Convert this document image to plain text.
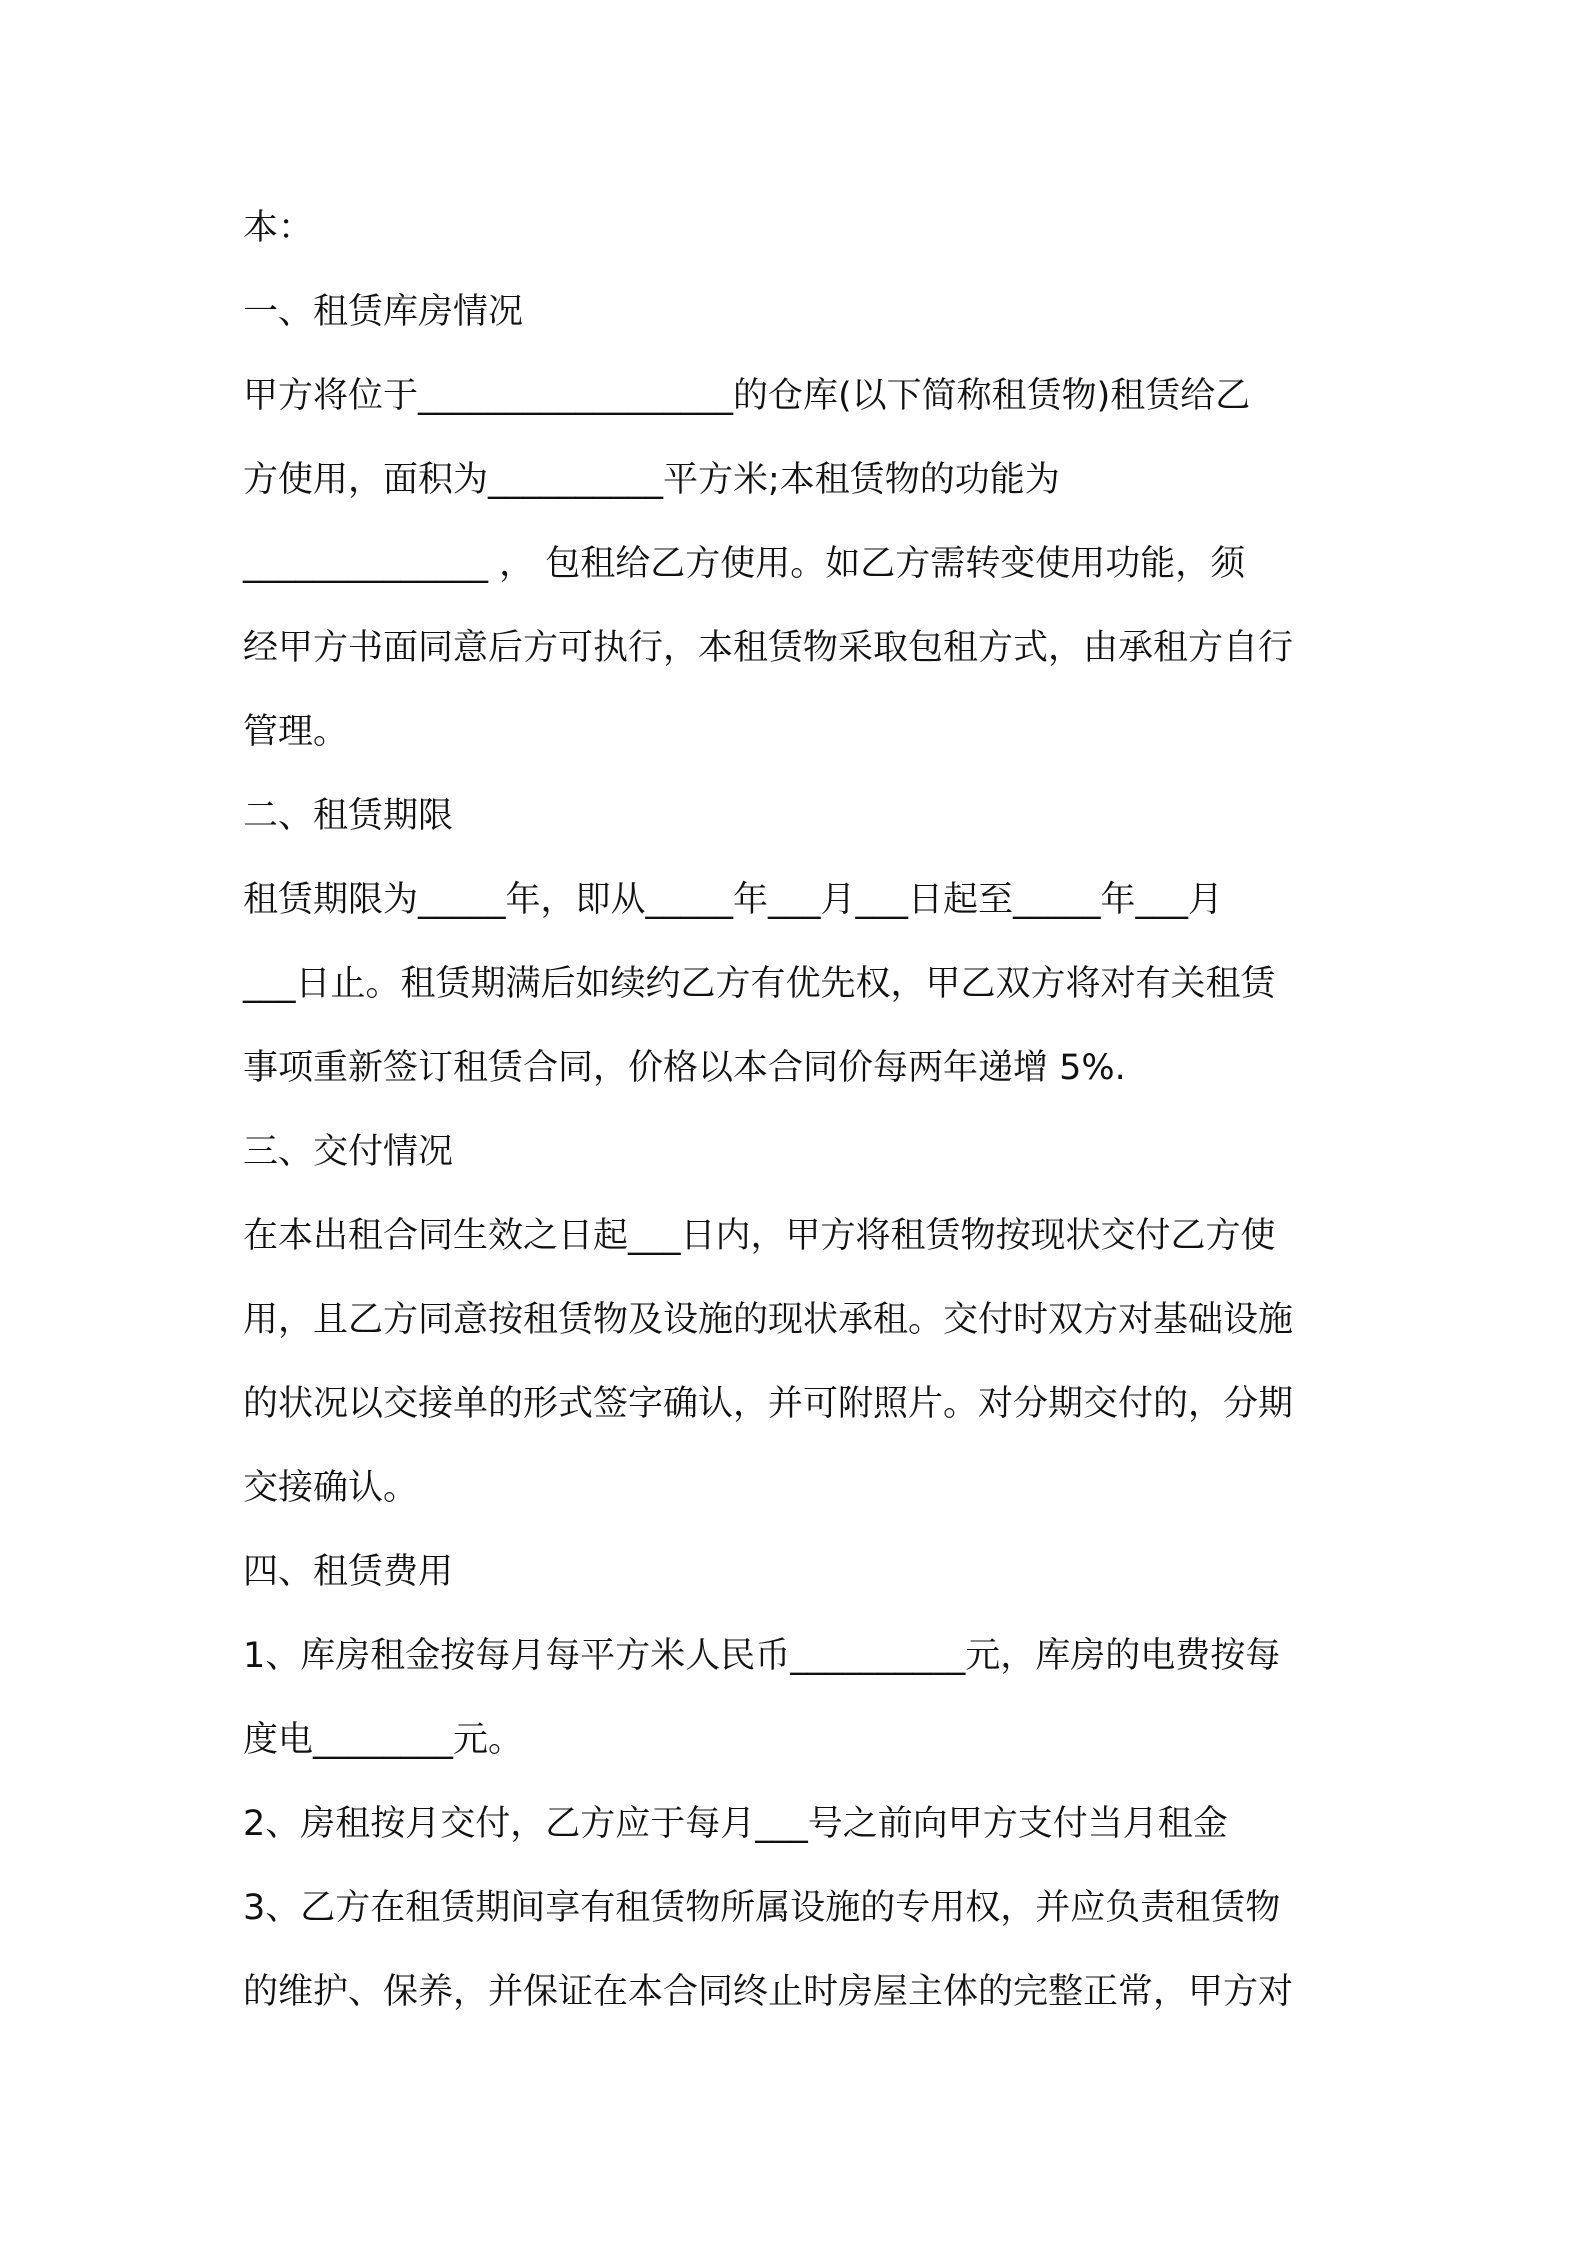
本：

一、租赁库房情况

甲方将位于__________________的仓库(以下简称租赁物)租赁给乙

方使用，面积为__________平方米;本租赁物的功能为

______________ ， 包租给乙方使用。如乙方需转变使用功能，须

经甲方书面同意后方可执行，本租赁物采取包租方式，由承租方自行

管理。

二、租赁期限

租赁期限为_____年，即从_____年___月___日起至_____年___月

___日止。租赁期满后如续约乙方有优先权，甲乙双方将对有关租赁

事项重新签订租赁合同，价格以本合同价每两年递增 5%.

三、交付情况

在本出租合同生效之日起___日内，甲方将租赁物按现状交付乙方使

用，且乙方同意按租赁物及设施的现状承租。交付时双方对基础设施

的状况以交接单的形式签字确认，并可附照片。对分期交付的，分期

交接确认。

四、租赁费用

1、库房租金按每月每平方米人民币__________元，库房的电费按每

度电________元。

2、房租按月交付，乙方应于每月___号之前向甲方支付当月租金

3、乙方在租赁期间享有租赁物所属设施的专用权，并应负责租赁物

的维护、保养，并保证在本合同终止时房屋主体的完整正常，甲方对
